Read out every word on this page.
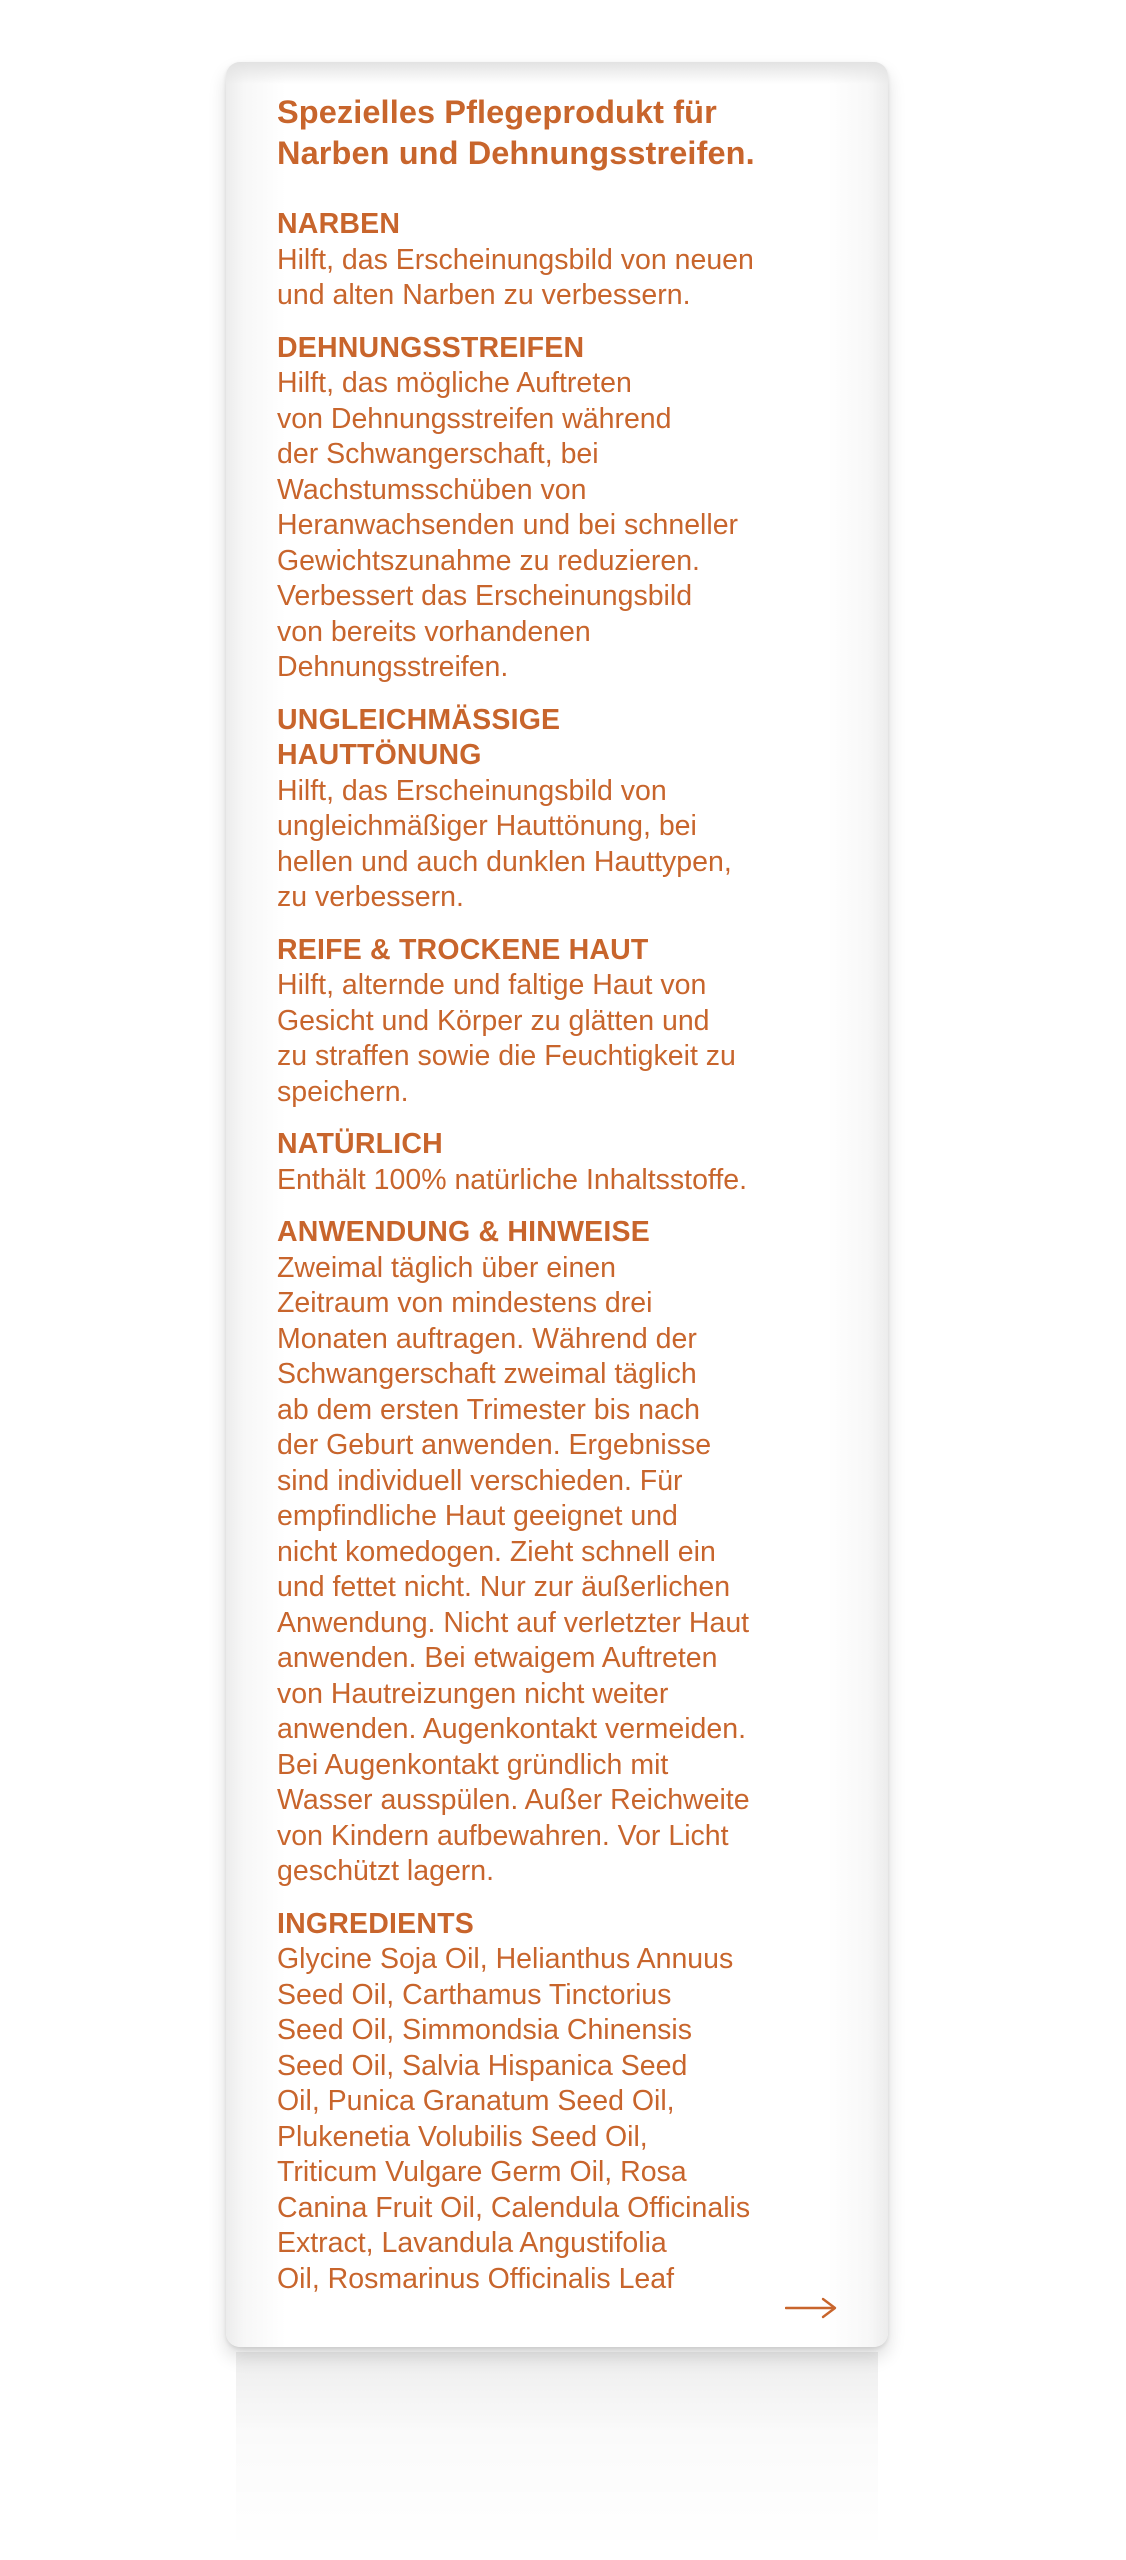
Spezielles Pflegeprodukt für
Narben und Dehnungsstreifen.
NARBEN
Hilft, das Erscheinungsbild von neuen
und alten Narben zu verbessern.
DEHNUNGSSTREIFEN
Hilft, das mögliche Auftreten
von Dehnungsstreifen während
der Schwangerschaft, bei
Wachstumsschüben von
Heranwachsenden und bei schneller
Gewichtszunahme zu reduzieren.
Verbessert das Erscheinungsbild
von bereits vorhandenen
Dehnungsstreifen.
UNGLEICHMÄSSIGE
HAUTTÖNUNG
Hilft, das Erscheinungsbild von
ungleichmäßiger Hauttönung, bei
hellen und auch dunklen Hauttypen,
zu verbessern.
REIFE & TROCKENE HAUT
Hilft, alternde und faltige Haut von
Gesicht und Körper zu glätten und
zu straffen sowie die Feuchtigkeit zu
speichern.
NATÜRLICH
Enthält 100% natürliche Inhaltsstoffe.
ANWENDUNG & HINWEISE
Zweimal täglich über einen
Zeitraum von mindestens drei
Monaten auftragen. Während der
Schwangerschaft zweimal täglich
ab dem ersten Trimester bis nach
der Geburt anwenden. Ergebnisse
sind individuell verschieden. Für
empfindliche Haut geeignet und
nicht komedogen. Zieht schnell ein
und fettet nicht. Nur zur äußerlichen
Anwendung. Nicht auf verletzter Haut
anwenden. Bei etwaigem Auftreten
von Hautreizungen nicht weiter
anwenden. Augenkontakt vermeiden.
Bei Augenkontakt gründlich mit
Wasser ausspülen. Außer Reichweite
von Kindern aufbewahren. Vor Licht
geschützt lagern.
INGREDIENTS
Glycine Soja Oil, Helianthus Annuus
Seed Oil, Carthamus Tinctorius
Seed Oil, Simmondsia Chinensis
Seed Oil, Salvia Hispanica Seed
Oil, Punica Granatum Seed Oil,
Plukenetia Volubilis Seed Oil,
Triticum Vulgare Germ Oil, Rosa
Canina Fruit Oil, Calendula Officinalis
Extract, Lavandula Angustifolia
Oil, Rosmarinus Officinalis Leaf
